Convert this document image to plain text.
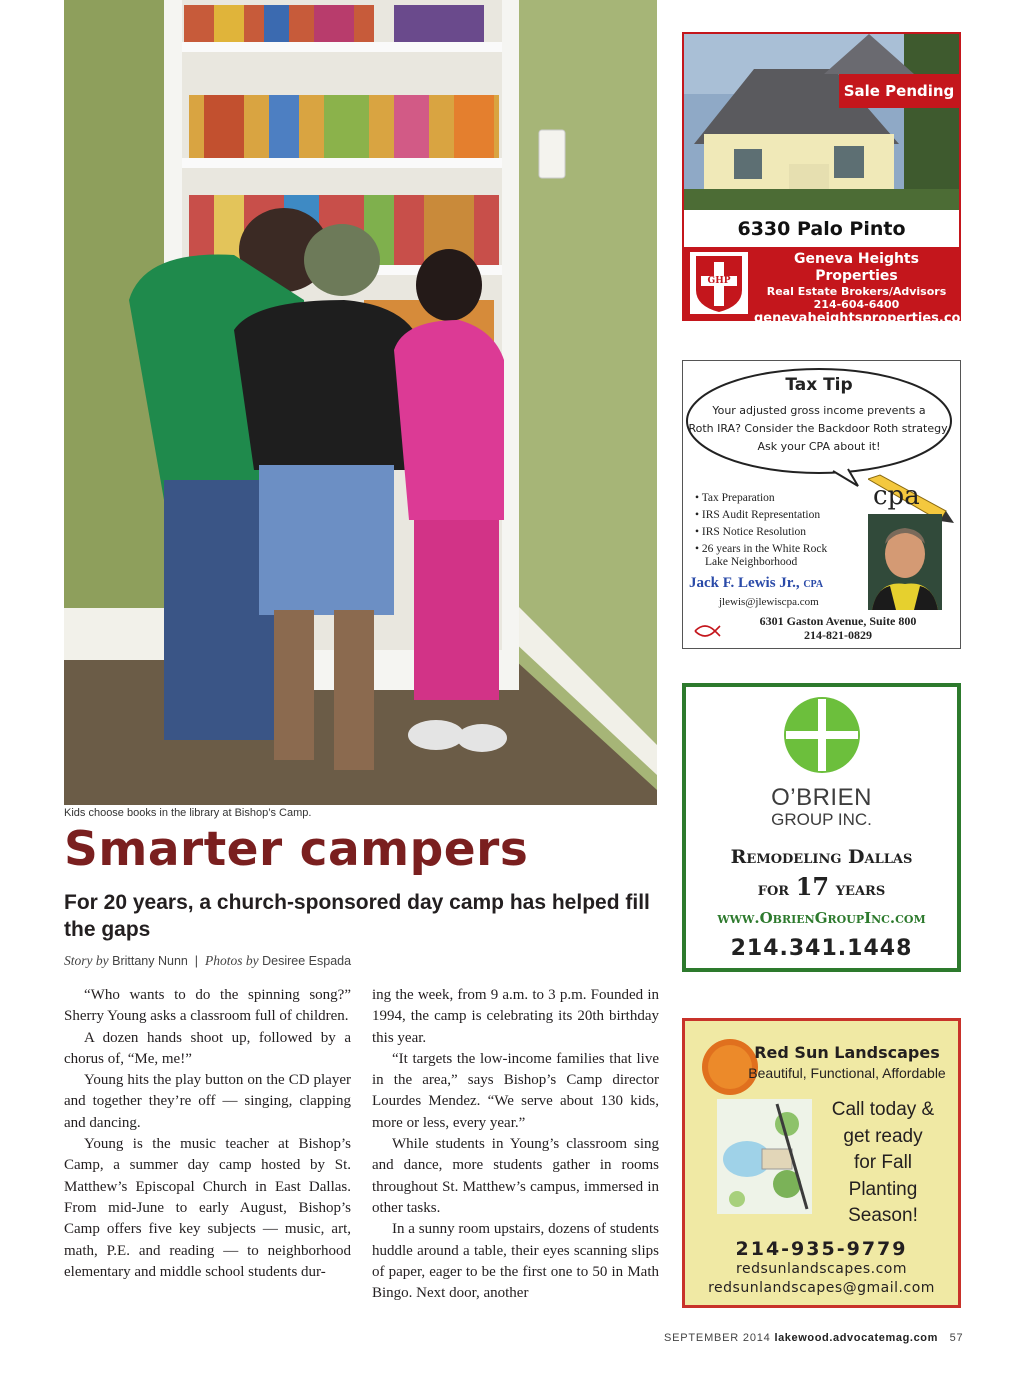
Kids choose books in the library at Bishop’s Camp.
Smarter campers
For 20 years, a church-sponsored day camp has helped fill the gaps
Story by Brittany Nunn | Photos by Desiree Espada

“Who wants to do the spinning song?” Sherry Young asks a classroom full of children.

A dozen hands shoot up, followed by a chorus of, “Me, me!”

Young hits the play button on the CD player and together they’re off — singing, clapping and dancing.

Young is the music teacher at Bishop’s Camp, a summer day camp hosted by St. Matthew’s Episcopal Church in East Dallas. From mid-June to early August, Bishop’s Camp offers five key subjects — music, art, math, P.E. and reading — to neighborhood elementary and middle school students dur-

ing the week, from 9 a.m. to 3 p.m. Founded in 1994, the camp is celebrating its 20th birthday this year.

“It targets the low-income families that live in the area,” says Bishop’s Camp director Lourdes Mendez. “We serve about 130 kids, more or less, every year.”

While students in Young’s classroom sing and dance, more students gather in rooms throughout St. Matthew’s campus, immersed in other tasks.

In a sunny room upstairs, dozens of students huddle around a table, their eyes scanning slips of paper, eager to be the first one to 50 in Math Bingo. Next door, another

SEPTEMBER 2014 lakewood.advocatemag.com 57
Sale Pending
6330 Palo Pinto
GHP
Geneva Heights Properties
Real Estate Brokers/Advisors
214-604-6400
genevaheightsproperties.com
Tax Tip
Your adjusted gross income prevents a
Roth IRA? Consider the Backdoor Roth strategy.
Ask your CPA about it!
cpa
• Tax Preparation
• IRS Audit Representation
• IRS Notice Resolution
• 26 years in the White Rock
Lake Neighborhood
Jack F. Lewis Jr., CPA
jlewis@jlewiscpa.com
6301 Gaston Avenue, Suite 800
214-821-0829
O’BRIEN
GROUP INC.
Remodeling Dallas
for 17 years
www.ObrienGroupInc.com
214.341.1448
Red Sun Landscapes
Beautiful, Functional, Affordable
Call today &
get ready
for Fall
Planting
Season!
214-935-9779
redsunlandscapes.com
redsunlandscapes@gmail.com
